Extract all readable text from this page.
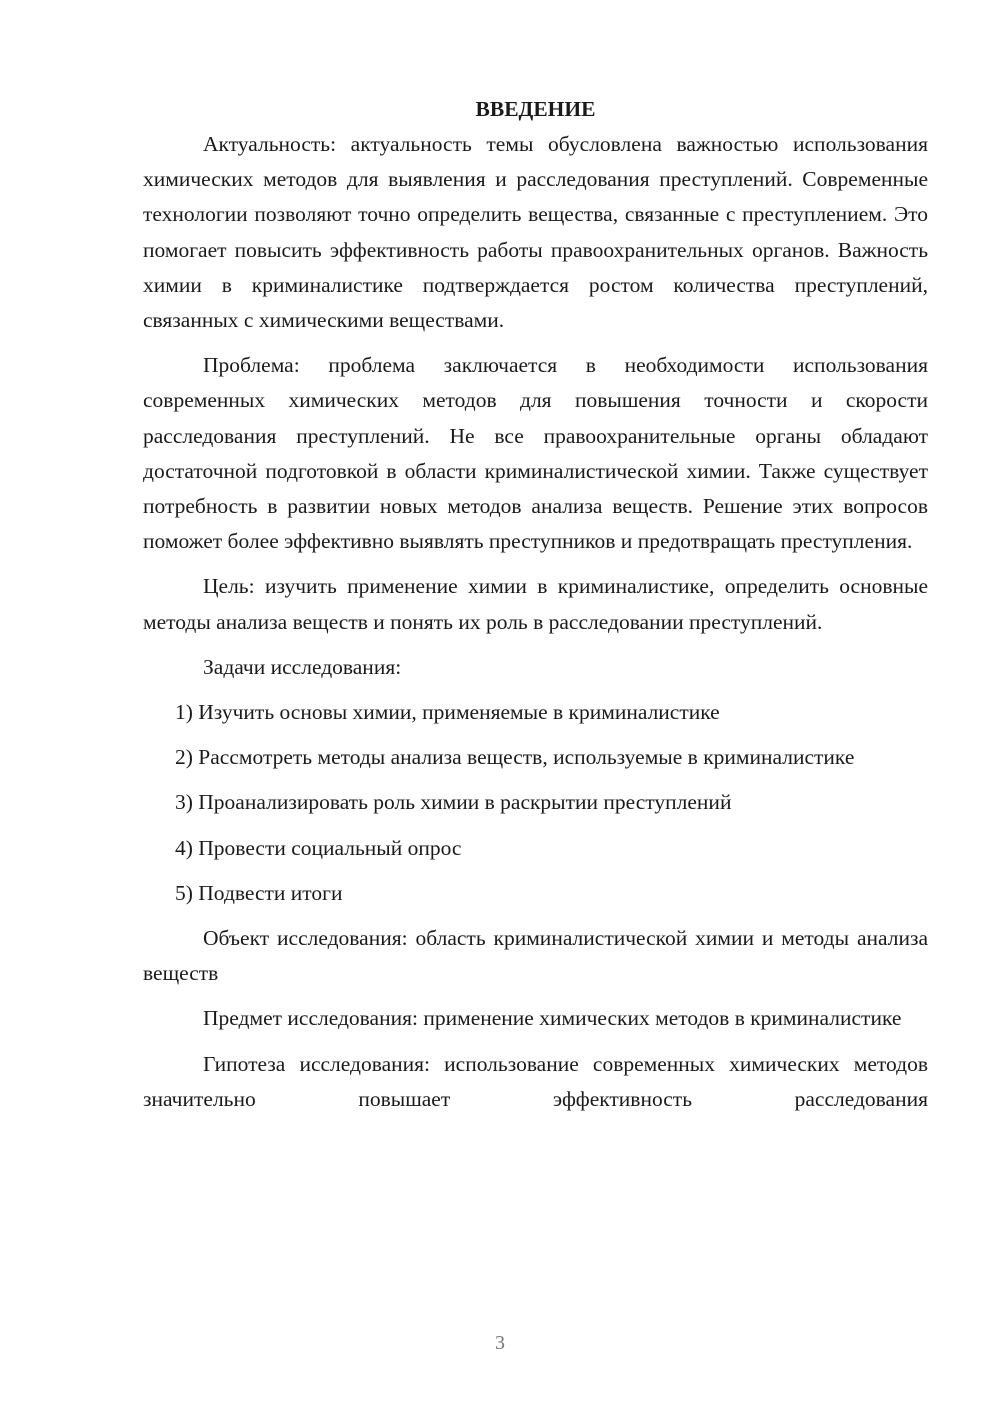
ВВЕДЕНИЕ

Актуальность: актуальность темы обусловлена важностью использования химических методов для выявления и расследования преступлений. Современные технологии позволяют точно определить вещества, связанные с преступлением. Это помогает повысить эффективность работы правоохранительных органов. Важность химии в криминалистике подтверждается ростом количества преступлений, связанных с химическими веществами.

Проблема: проблема заключается в необходимости использования современных химических методов для повышения точности и скорости расследования преступлений. Не все правоохранительные органы обладают достаточной подготовкой в области криминалистической химии. Также существует потребность в развитии новых методов анализа веществ. Решение этих вопросов поможет более эффективно выявлять преступников и предотвращать преступления.

Цель: изучить применение химии в криминалистике, определить основные методы анализа веществ и понять их роль в расследовании преступлений.

Задачи исследования:

1) Изучить основы химии, применяемые в криминалистике

2) Рассмотреть методы анализа веществ, используемые в криминалистике

3) Проанализировать роль химии в раскрытии преступлений

4) Провести социальный опрос

5) Подвести итоги

Объект исследования: область криминалистической химии и методы анализа веществ

Предмет исследования: применение химических методов в криминалистике

Гипотеза исследования: использование современных химических методов значительно повышает эффективность расследования

3
